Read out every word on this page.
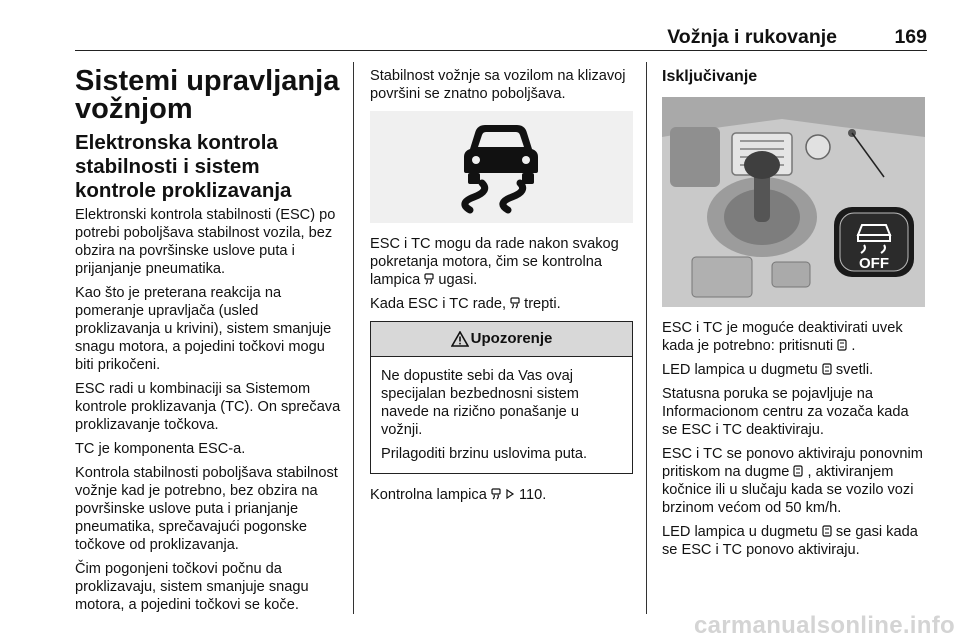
Vožnja i rukovanje	169
Sistemi upravljanja vožnjom
Elektronska kontrola stabilnosti i sistem kontrole proklizavanja

Elektronski kontrola stabilnosti (ESC) po potrebi poboljšava stabilnost vozila, bez obzira na površinske uslove puta i prijanjanje pneumatika.

Kao što je preterana reakcija na pomeranje upravljača (usled proklizavanja u krivini), sistem smanjuje snagu motora, a pojedini točkovi mogu biti prikočeni.

ESC radi u kombinaciji sa Sistemom kontrole proklizavanja (TC). On sprečava proklizavanje točkova.

TC je komponenta ESC-a.

Kontrola stabilnosti poboljšava stabilnost vožnje kad je potrebno, bez obzira na površinske uslove puta i prianjanje pneumatika, sprečavajući pogonske točkove od proklizavanja.

Čim pogonjeni točkovi počnu da proklizavaju, sistem smanjuje snagu motora, a pojedini točkovi se koče.

Stabilnost vožnje sa vozilom na klizavoj površini se znatno poboljšava.

ESC i TC mogu da rade nakon svakog pokretanja motora, čim se kontrolna lampica  ugasi.

Kada ESC i TC rade,  trepti.

Upozorenje

Ne dopustite sebi da Vas ovaj specijalan bezbednosni sistem navede na rizično ponašanje u vožnji.

Prilagoditi brzinu uslovima puta.

Kontrolna lampica 110.

Isključivanje
OFF

ESC i TC je moguće deaktivirati uvek kada je potrebno: pritisnuti .

LED lampica u dugmetu  svetli.

Statusna poruka se pojavljuje na Informacionom centru za vozača kada se ESC i TC deaktiviraju.

ESC i TC se ponovo aktiviraju ponovnim pritiskom na dugme , aktiviranjem kočnice ili u slučaju kada se vozilo vozi brzinom većom od 50 km/h.

LED lampica u dugmetu  se gasi kada se ESC i TC ponovo aktiviraju.

carmanualsonline.info
